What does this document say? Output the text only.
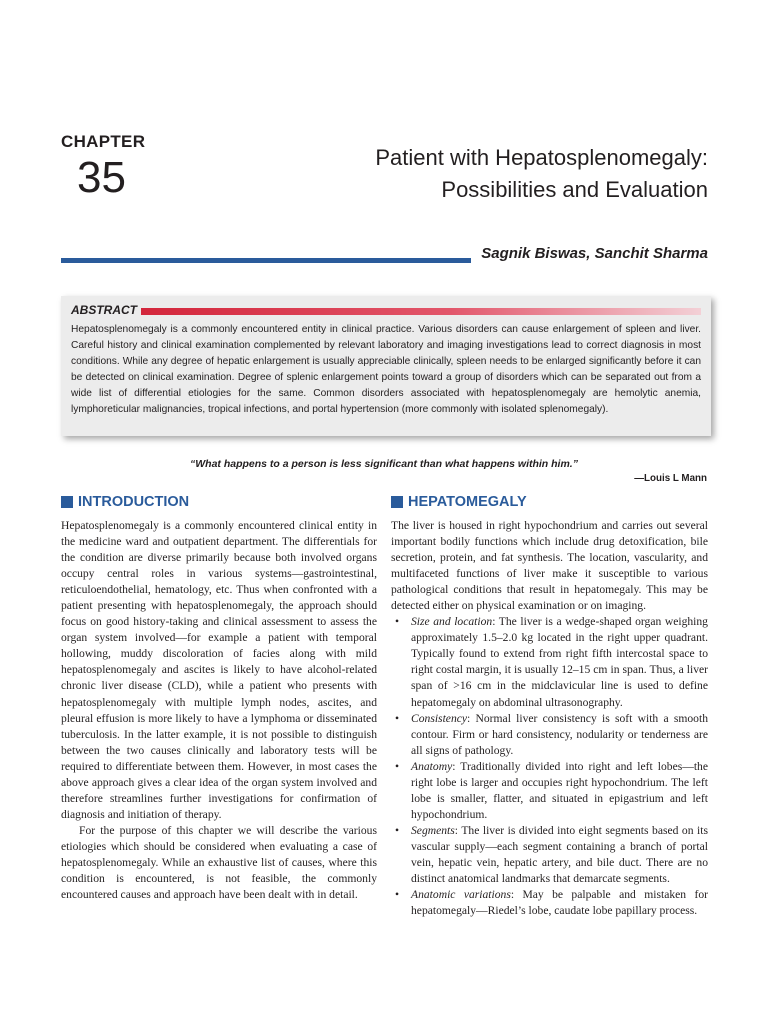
CHAPTER
35	Patient with Hepatosplenomegaly:
Possibilities and Evaluation
Sagnik Biswas, Sanchit Sharma
ABSTRACT

Hepatosplenomegaly is a commonly encountered entity in clinical practice. Various disorders can cause enlargement of spleen and liver. Careful history and clinical examination complemented by relevant laboratory and imaging investigations lead to correct diagnosis in most conditions. While any degree of hepatic enlargement is usually appreciable clinically, spleen needs to be enlarged significantly before it can be detected on clinical examination. Degree of splenic enlargement points toward a group of disorders which can be separated out from a wide list of differential etiologies for the same. Common disorders associated with hepatosplenomegaly are hemolytic anemia, lymphoreticular malignancies, tropical infections, and portal hypertension (more commonly with isolated splenomegaly).

“What happens to a person is less significant than what happens within him.”
—Louis L Mann
INTRODUCTION

Hepatosplenomegaly is a commonly encountered clinical entity in the medicine ward and outpatient department. The differentials for the condition are diverse primarily because both involved organs occupy central roles in various systems—gastrointestinal, reticuloendothelial, hematology, etc. Thus when confronted with a patient presenting with hepatosplenomegaly, the approach should focus on good history-taking and clinical assessment to assess the organ system involved—for example a patient with temporal hollowing, muddy discoloration of facies along with mild hepatosplenomegaly and ascites is likely to have alcohol-related chronic liver disease (CLD), while a patient who presents with hepatosplenomegaly with multiple lymph nodes, ascites, and pleural effusion is more likely to have a lymphoma or disseminated tuberculosis. In the latter example, it is not possible to distinguish between the two causes clinically and laboratory tests will be required to differentiate between them. However, in most cases the above approach gives a clear idea of the organ system involved and therefore streamlines further investigations for confirmation of diagnosis and initiation of therapy.

For the purpose of this chapter we will describe the various etiologies which should be considered when evaluating a case of hepatosplenomegaly. While an exhaustive list of causes, where this condition is encountered, is not feasible, the commonly encountered causes and approach have been dealt with in detail.

HEPATOMEGALY

The liver is housed in right hypochondrium and carries out several important bodily functions which include drug detoxification, bile secretion, protein, and fat synthesis. The location, vascularity, and multifaceted functions of liver make it susceptible to various pathological conditions that result in hepatomegaly. This may be detected either on physical examination or on imaging.

• Size and location: The liver is a wedge-shaped organ weighing approximately 1.5–2.0 kg located in the right upper quadrant. Typically found to extend from right fifth intercostal space to right costal margin, it is usually 12–15 cm in span. Thus, a liver span of >16 cm in the midclavicular line is used to define hepatomegaly on abdominal ultrasonography.
• Consistency: Normal liver consistency is soft with a smooth contour. Firm or hard consistency, nodularity or tenderness are all signs of pathology.
• Anatomy: Traditionally divided into right and left lobes—the right lobe is larger and occupies right hypochondrium. The left lobe is smaller, flatter, and situated in epigastrium and left hypochondrium.
• Segments: The liver is divided into eight segments based on its vascular supply—each segment containing a branch of portal vein, hepatic vein, hepatic artery, and bile duct. There are no distinct anatomical landmarks that demarcate segments.
• Anatomic variations: May be palpable and mistaken for hepatomegaly—Riedel’s lobe, caudate lobe papillary process.
